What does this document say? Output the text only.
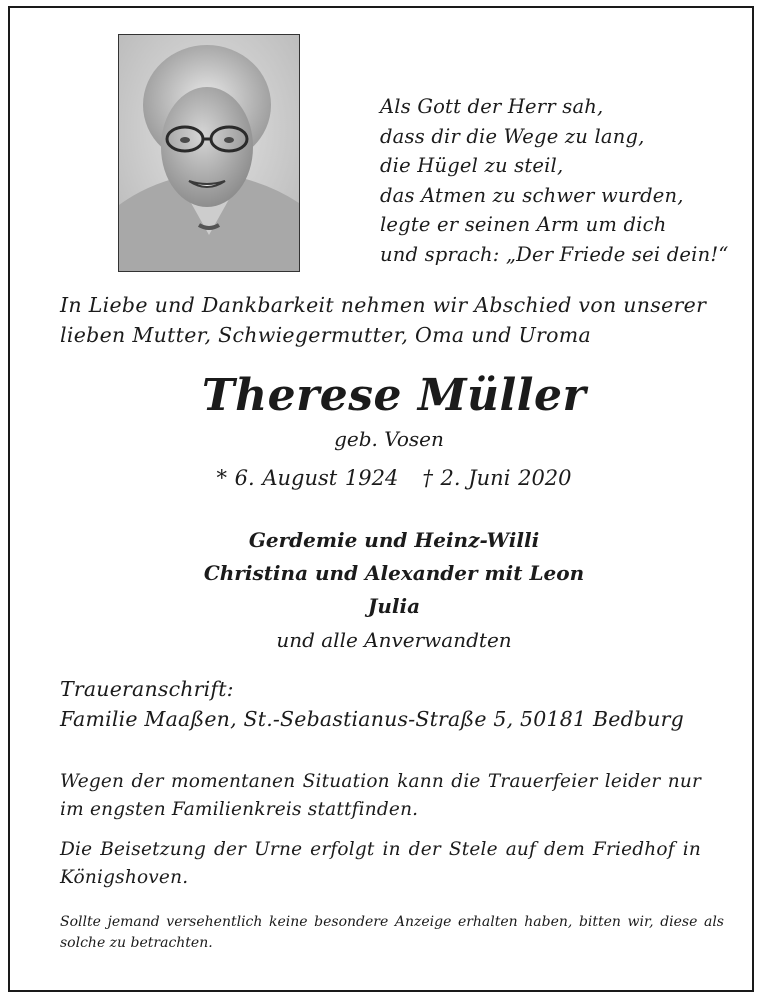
Als Gott der Herr sah,
dass dir die Wege zu lang,
die Hügel zu steil,
das Atmen zu schwer wurden,
legte er seinen Arm um dich
und sprach: „Der Friede sei dein!“
In Liebe und Dankbarkeit nehmen wir Abschied von unserer
lieben Mutter, Schwiegermutter, Oma und Uroma
Therese Müller
geb. Vosen
* 6. August 1924 † 2. Juni 2020
Gerdemie und Heinz-Willi
Christina und Alexander mit Leon
Julia
und alle Anverwandten
Traueranschrift:
Familie Maaßen, St.-Sebastianus-Straße 5, 50181 Bedburg
Wegen der momentanen Situation kann die Trauerfeier leider nur im engsten Familienkreis stattfinden.
Die Beisetzung der Urne erfolgt in der Stele auf dem Friedhof in Königshoven.
Sollte jemand versehentlich keine besondere Anzeige erhalten haben, bitten wir, diese als solche zu betrachten.
